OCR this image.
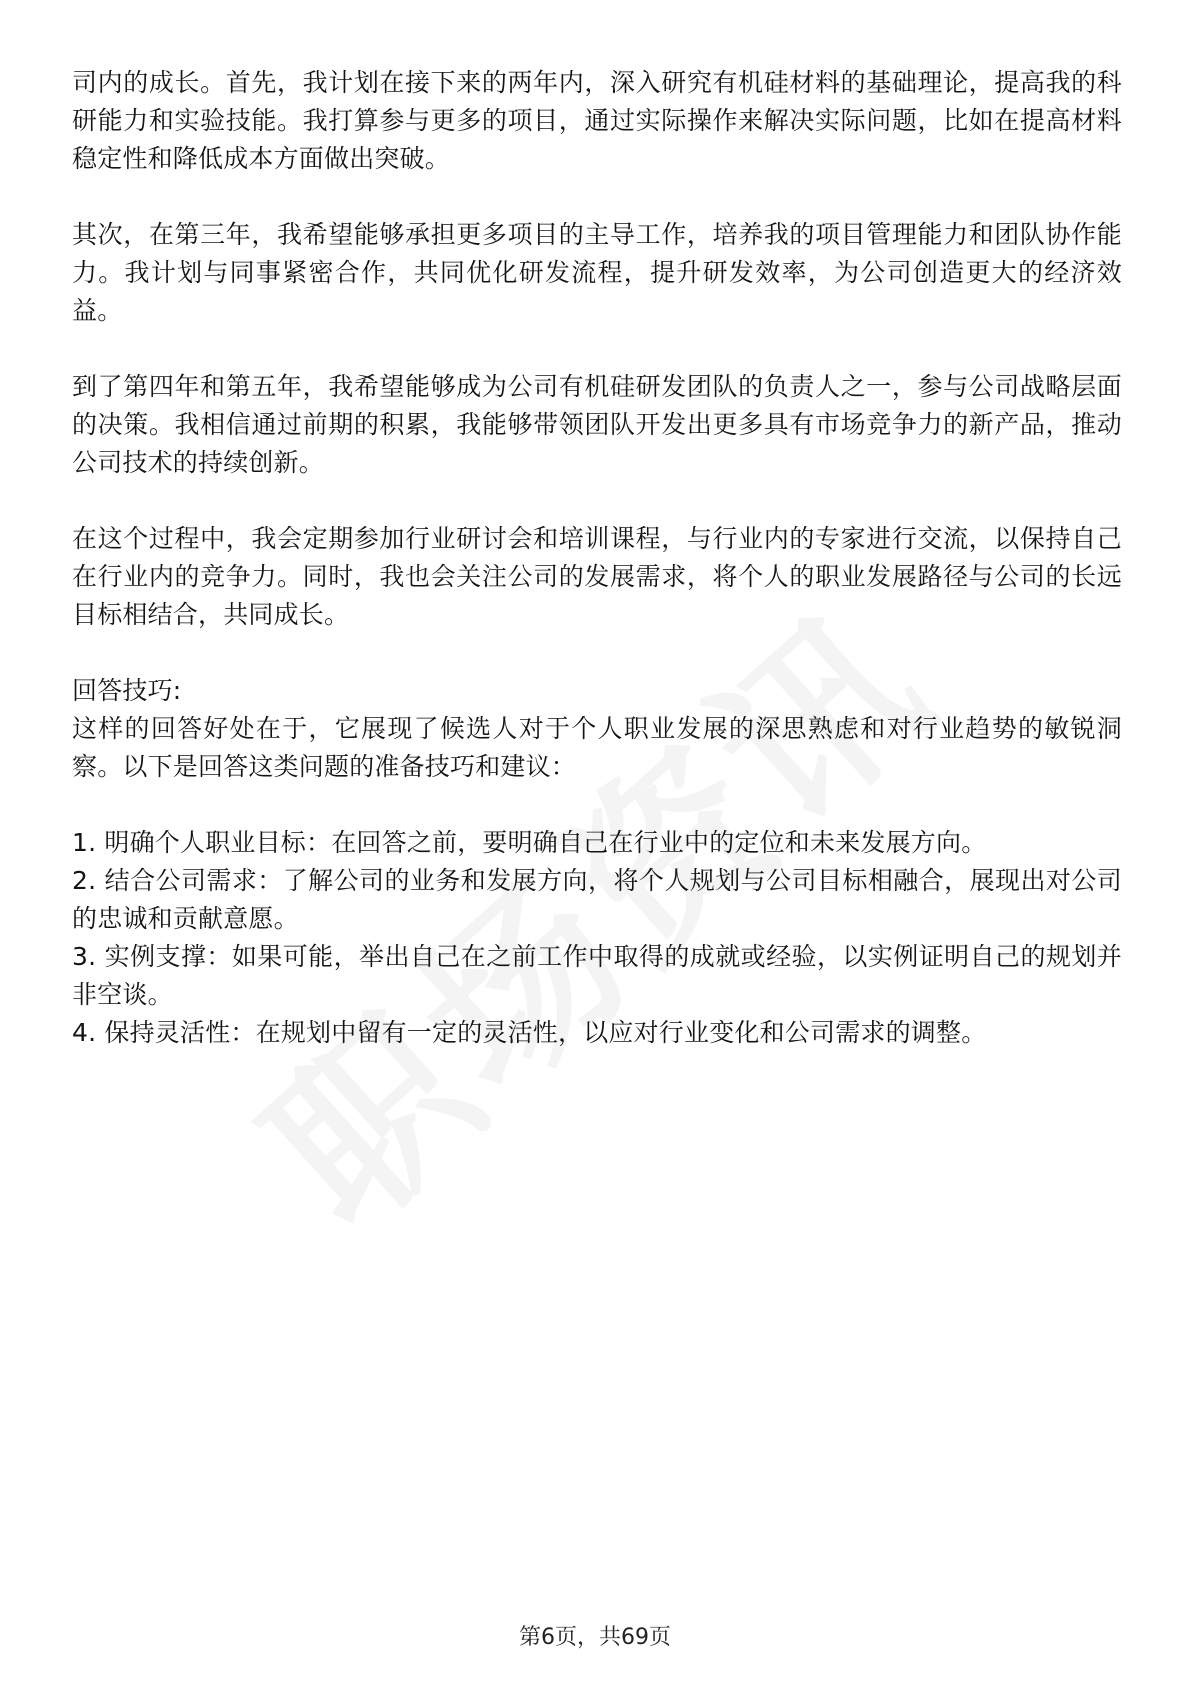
司内的成长。首先，我计划在接下来的两年内，深入研究有机硅材料的基础理论，提高我的科研能力和实验技能。我打算参与更多的项目，通过实际操作来解决实际问题，比如在提高材料稳定性和降低成本方面做出突破。

其次，在第三年，我希望能够承担更多项目的主导工作，培养我的项目管理能力和团队协作能力。我计划与同事紧密合作，共同优化研发流程，提升研发效率，为公司创造更大的经济效益。

到了第四年和第五年，我希望能够成为公司有机硅研发团队的负责人之一，参与公司战略层面的决策。我相信通过前期的积累，我能够带领团队开发出更多具有市场竞争力的新产品，推动公司技术的持续创新。

在这个过程中，我会定期参加行业研讨会和培训课程，与行业内的专家进行交流，以保持自己在行业内的竞争力。同时，我也会关注公司的发展需求，将个人的职业发展路径与公司的长远目标相结合，共同成长。

回答技巧:

这样的回答好处在于，它展现了候选人对于个人职业发展的深思熟虑和对行业趋势的敏锐洞察。以下是回答这类问题的准备技巧和建议：

1. 明确个人职业目标：在回答之前，要明确自己在行业中的定位和未来发展方向。
2. 结合公司需求：了解公司的业务和发展方向，将个人规划与公司目标相融合，展现出对公司的忠诚和贡献意愿。
3. 实例支撑：如果可能，举出自己在之前工作中取得的成就或经验，以实例证明自己的规划并非空谈。
4. 保持灵活性：在规划中留有一定的灵活性，以应对行业变化和公司需求的调整。
第6页，共69页
